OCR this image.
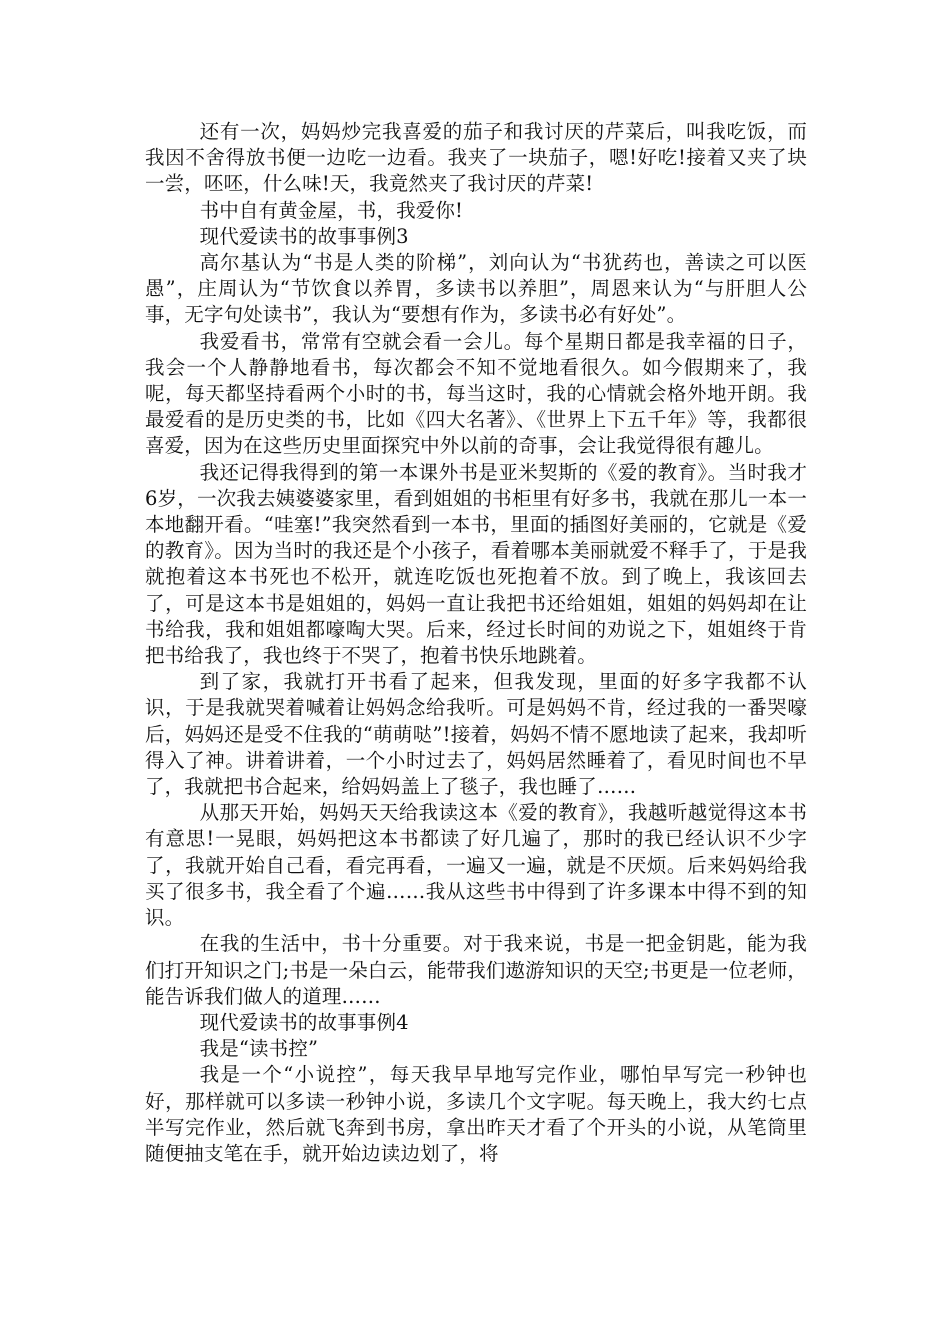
还有一次，妈妈炒完我喜爱的茄子和我讨厌的芹菜后，叫我吃饭，而我因不舍得放书便一边吃一边看。我夹了一块茄子，嗯!好吃!接着又夹了块一尝，呸呸，什么味!天，我竟然夹了我讨厌的芹菜!

书中自有黄金屋，书，我爱你!

现代爱读书的故事事例3

高尔基认为“书是人类的阶梯”，刘向认为“书犹药也，善读之可以医愚”，庄周认为“节饮食以养胃，多读书以养胆”，周恩来认为“与肝胆人公事，无字句处读书”，我认为“要想有作为，多读书必有好处”。

我爱看书，常常有空就会看一会儿。每个星期日都是我幸福的日子，我会一个人静静地看书，每次都会不知不觉地看很久。如今假期来了，我呢，每天都坚持看两个小时的书，每当这时，我的心情就会格外地开朗。我最爱看的是历史类的书，比如《四大名著》、《世界上下五千年》等，我都很喜爱，因为在这些历史里面探究中外以前的奇事，会让我觉得很有趣儿。

我还记得我得到的第一本课外书是亚米契斯的《爱的教育》。当时我才6岁，一次我去姨婆婆家里，看到姐姐的书柜里有好多书，我就在那儿一本一本地翻开看。“哇塞!”我突然看到一本书，里面的插图好美丽的，它就是《爱的教育》。因为当时的我还是个小孩子，看着哪本美丽就爱不释手了，于是我就抱着这本书死也不松开，就连吃饭也死抱着不放。到了晚上，我该回去了，可是这本书是姐姐的，妈妈一直让我把书还给姐姐，姐姐的妈妈却在让书给我，我和姐姐都嚎啕大哭。后来，经过长时间的劝说之下，姐姐终于肯把书给我了，我也终于不哭了，抱着书快乐地跳着。

到了家，我就打开书看了起来，但我发现，里面的好多字我都不认识，于是我就哭着喊着让妈妈念给我听。可是妈妈不肯，经过我的一番哭嚎后，妈妈还是受不住我的“萌萌哒”!接着，妈妈不情不愿地读了起来，我却听得入了神。讲着讲着，一个小时过去了，妈妈居然睡着了，看见时间也不早了，我就把书合起来，给妈妈盖上了毯子，我也睡了……

从那天开始，妈妈天天给我读这本《爱的教育》，我越听越觉得这本书有意思!一晃眼，妈妈把这本书都读了好几遍了，那时的我已经认识不少字了，我就开始自己看，看完再看，一遍又一遍，就是不厌烦。后来妈妈给我买了很多书，我全看了个遍……我从这些书中得到了许多课本中得不到的知识。

在我的生活中，书十分重要。对于我来说，书是一把金钥匙，能为我们打开知识之门;书是一朵白云，能带我们遨游知识的天空;书更是一位老师，能告诉我们做人的道理……

现代爱读书的故事事例4

我是“读书控”

我是一个“小说控”，每天我早早地写完作业，哪怕早写完一秒钟也好，那样就可以多读一秒钟小说，多读几个文字呢。每天晚上，我大约七点半写完作业，然后就飞奔到书房，拿出昨天才看了个开头的小说，从笔筒里随便抽支笔在手，就开始边读边划了，将
